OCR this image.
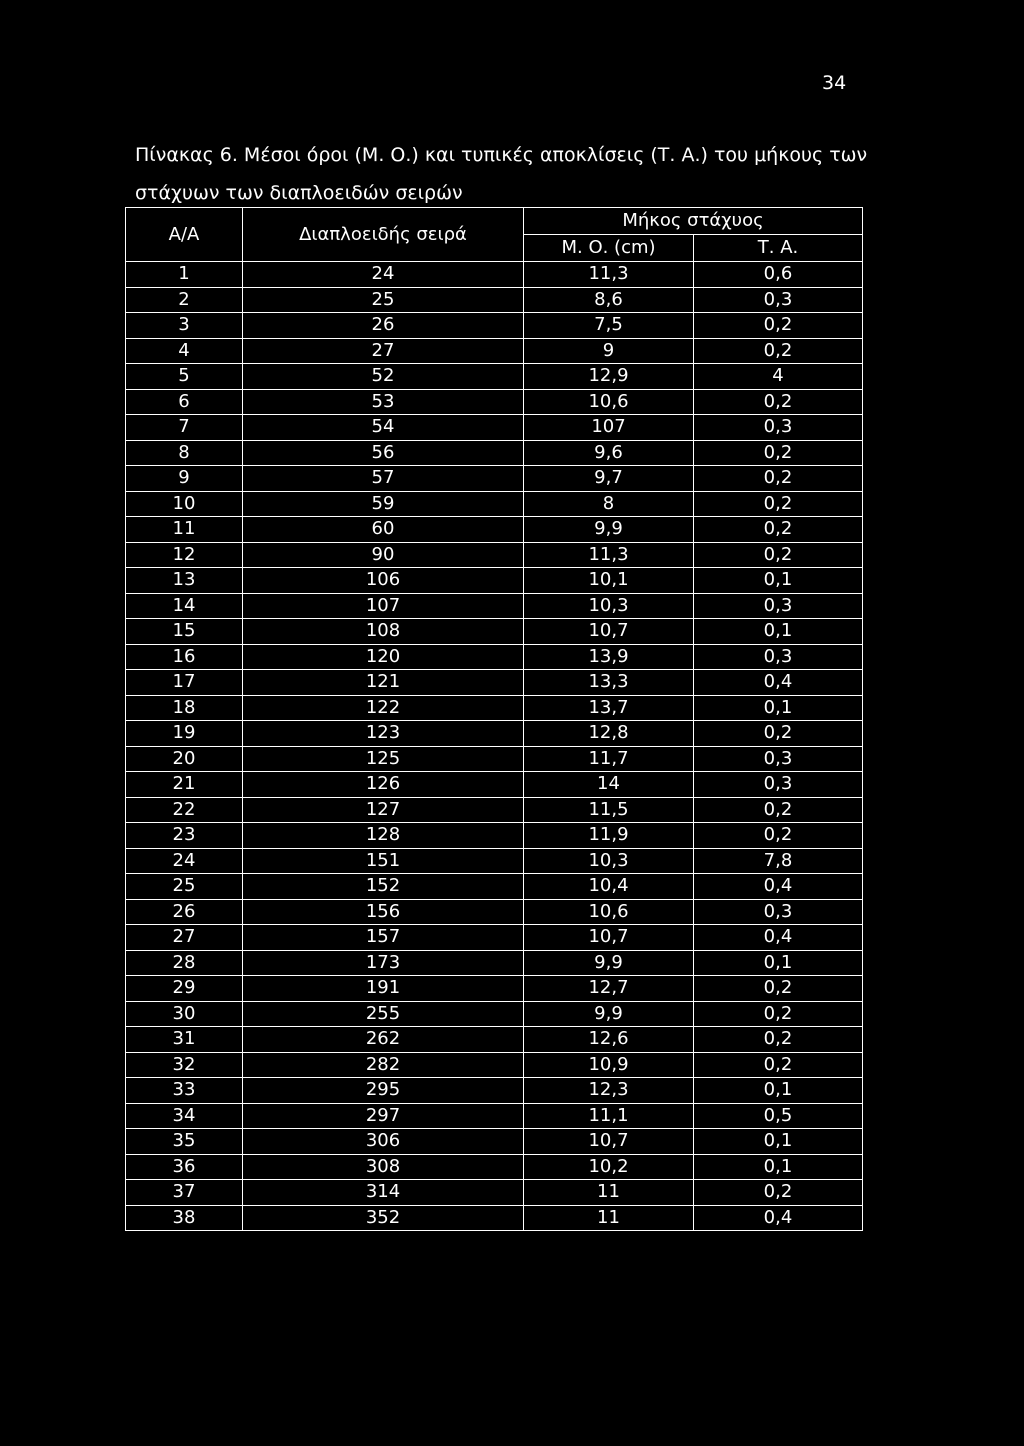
34
Πίνακας 6. Μέσοι όροι (Μ. Ο.) και τυπικές αποκλίσεις (Τ. Α.) του μήκους των
στάχυων των διαπλοειδών σειρών
Α/Α	Διαπλοειδής σειρά	Μήκος στάχυος	
		Μ. Ο. (cm)	Τ. Α.
1	24	11,3	0,6
2	25	8,6	0,3
3	26	7,5	0,2
4	27	9	0,2
5	52	12,9	4
6	53	10,6	0,2
7	54	107	0,3
8	56	9,6	0,2
9	57	9,7	0,2
10	59	8	0,2
11	60	9,9	0,2
12	90	11,3	0,2
13	106	10,1	0,1
14	107	10,3	0,3
15	108	10,7	0,1
16	120	13,9	0,3
17	121	13,3	0,4
18	122	13,7	0,1
19	123	12,8	0,2
20	125	11,7	0,3
21	126	14	0,3
22	127	11,5	0,2
23	128	11,9	0,2
24	151	10,3	7,8
25	152	10,4	0,4
26	156	10,6	0,3
27	157	10,7	0,4
28	173	9,9	0,1
29	191	12,7	0,2
30	255	9,9	0,2
31	262	12,6	0,2
32	282	10,9	0,2
33	295	12,3	0,1
34	297	11,1	0,5
35	306	10,7	0,1
36	308	10,2	0,1
37	314	11	0,2
38	352	11	0,4
